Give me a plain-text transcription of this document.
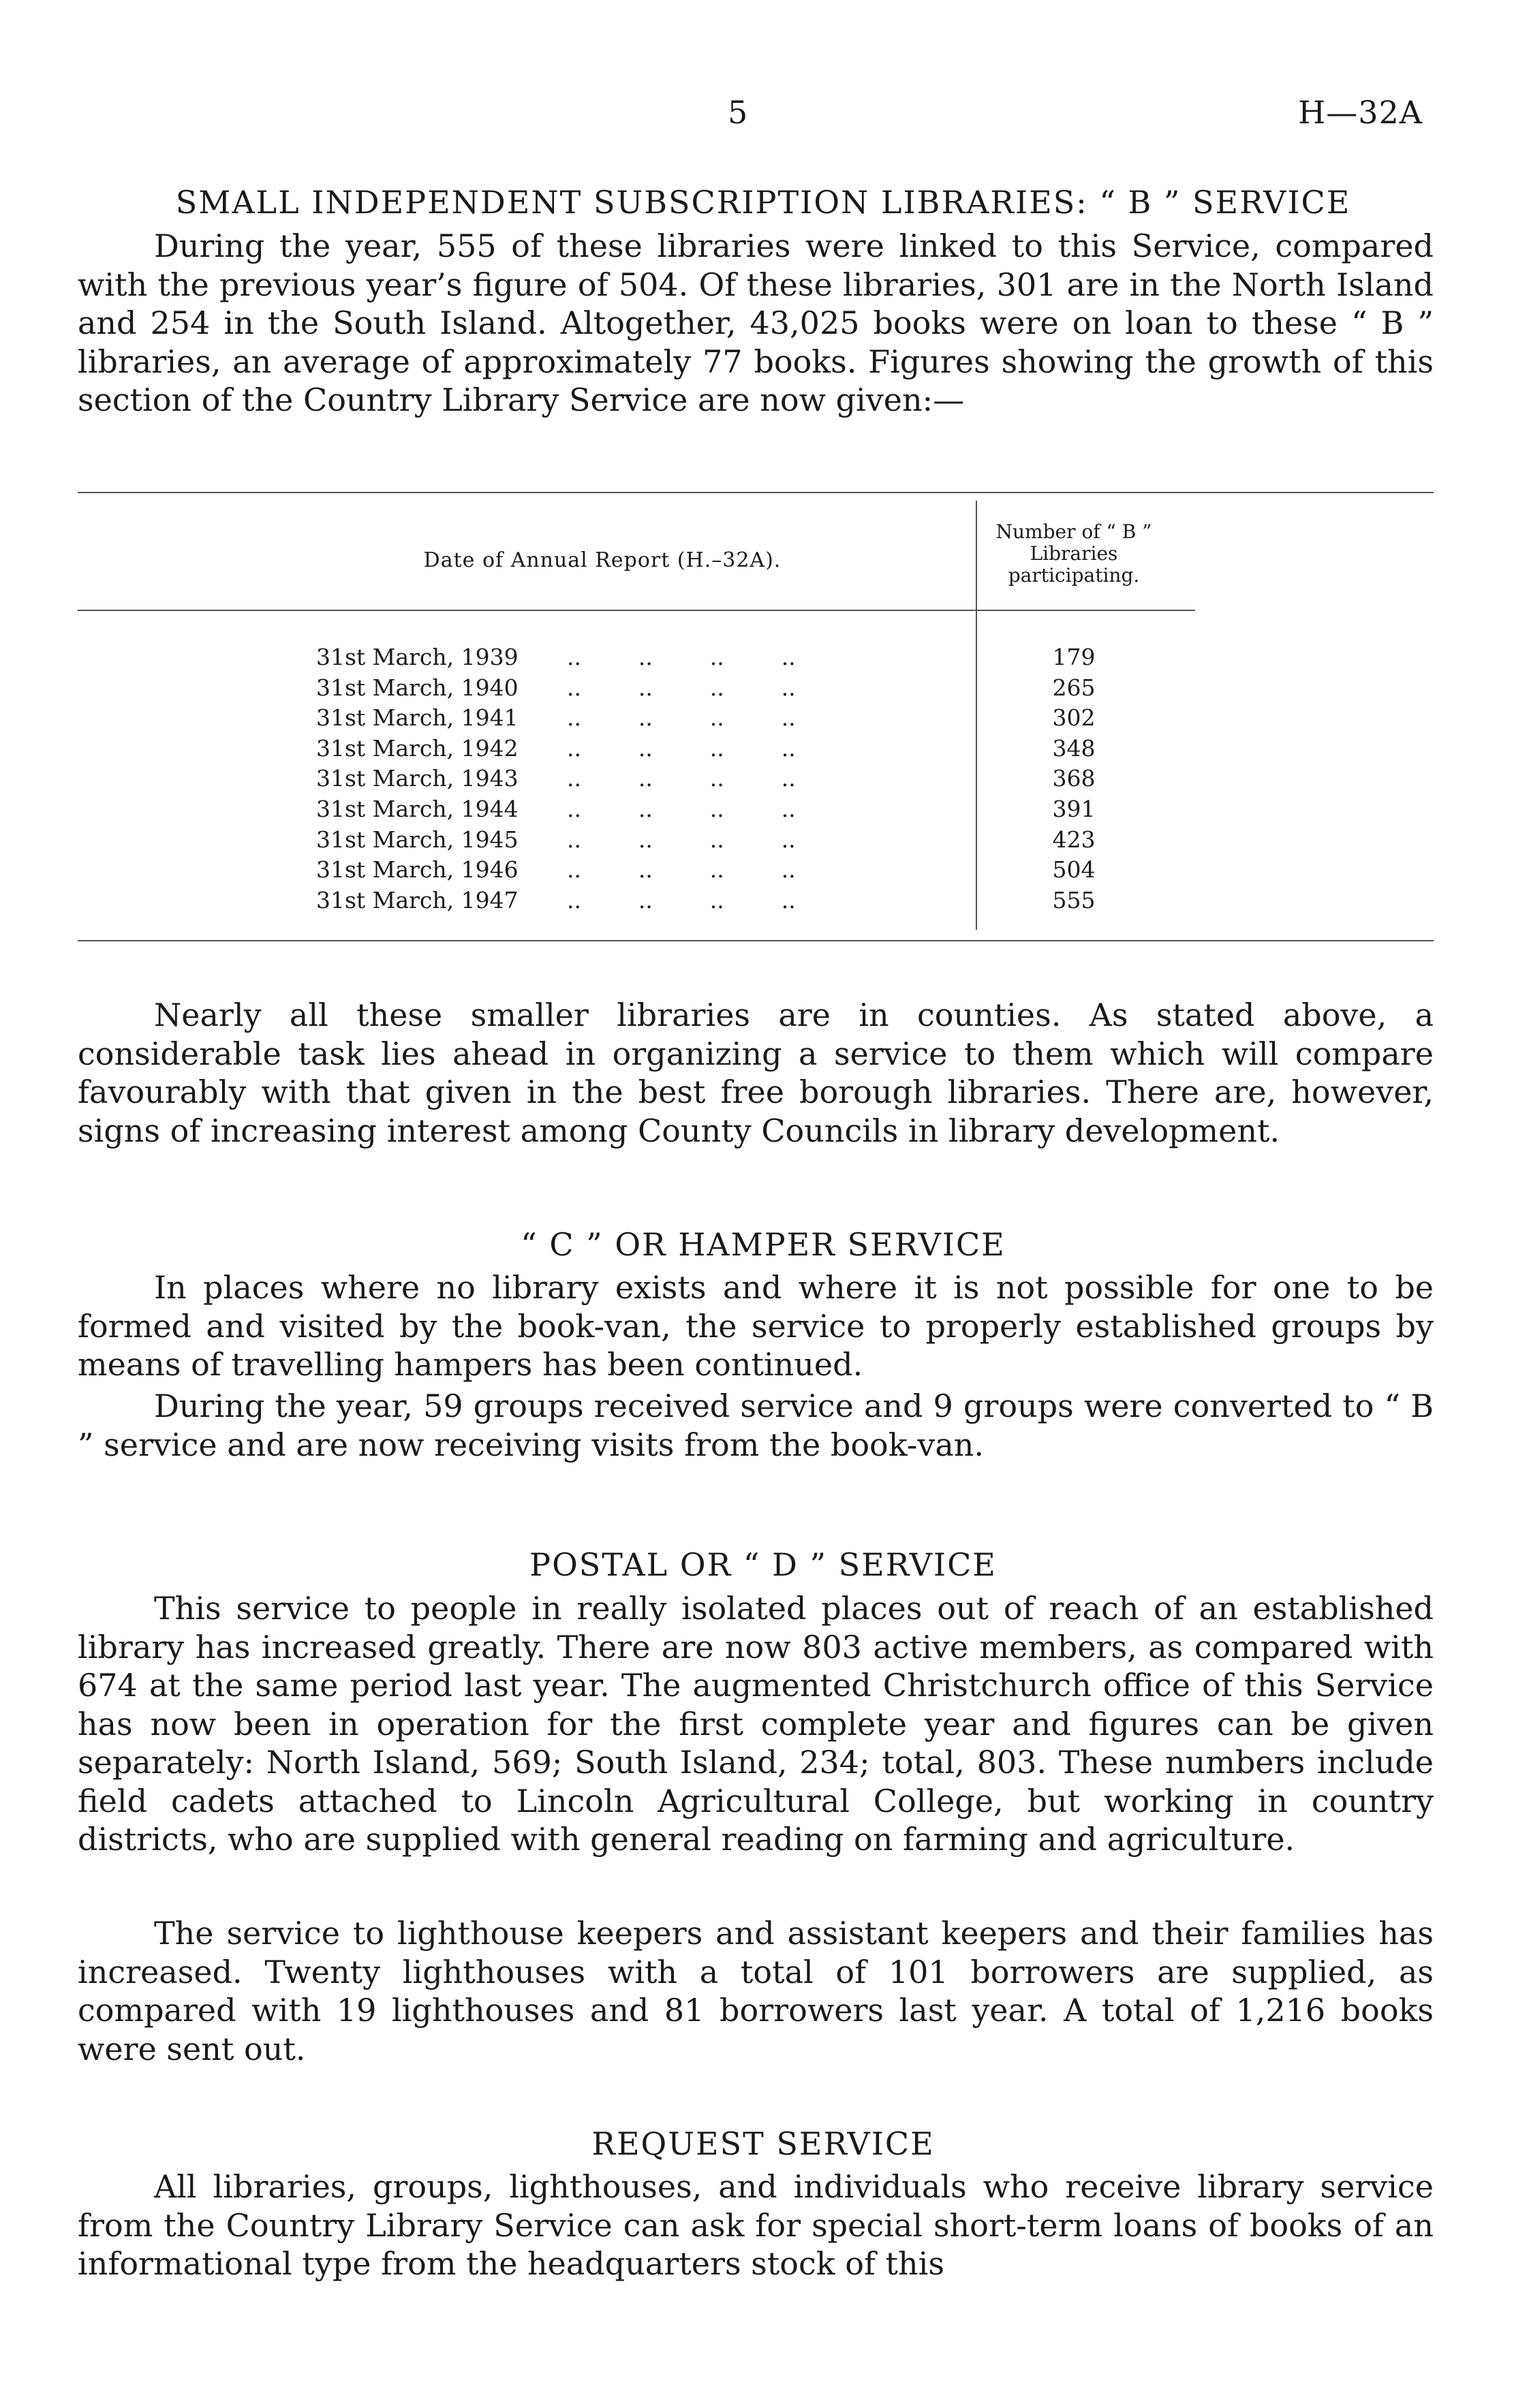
5	H—32A
SMALL INDEPENDENT SUBSCRIPTION LIBRARIES: “ B ” SERVICE

During the year, 555 of these libraries were linked to this Service, compared with the previous year’s figure of 504. Of these libraries, 301 are in the North Island and 254 in the South Island. Altogether, 43,025 books were on loan to these “ B ” libraries, an average of approximately 77 books. Figures showing the growth of this section of the Country Library Service are now given:—

Date of Annual Report (H.–32A).
Number of “ B ” Libraries participating.
31st March, 1939 ..        ..        ..        ..	179
31st March, 1940 ..        ..        ..        ..	265
31st March, 1941 ..        ..        ..        ..	302
31st March, 1942 ..        ..        ..        ..	348
31st March, 1943 ..        ..        ..        ..	368
31st March, 1944 ..        ..        ..        ..	391
31st March, 1945 ..        ..        ..        ..	423
31st March, 1946 ..        ..        ..        ..	504
31st March, 1947 ..        ..        ..        ..	555

Nearly all these smaller libraries are in counties. As stated above, a considerable task lies ahead in organizing a service to them which will compare favourably with that given in the best free borough libraries. There are, however, signs of increasing interest among County Councils in library development.

“ C ” OR HAMPER SERVICE

In places where no library exists and where it is not possible for one to be formed and visited by the book-van, the service to properly established groups by means of travelling hampers has been continued.

During the year, 59 groups received service and 9 groups were converted to “ B ” service and are now receiving visits from the book-van.

POSTAL OR “ D ” SERVICE

This service to people in really isolated places out of reach of an established library has increased greatly. There are now 803 active members, as compared with 674 at the same period last year. The augmented Christchurch office of this Service has now been in operation for the first complete year and figures can be given separately: North Island, 569; South Island, 234; total, 803. These numbers include field cadets attached to Lincoln Agricultural College, but working in country districts, who are supplied with general reading on farming and agriculture.

The service to lighthouse keepers and assistant keepers and their families has increased. Twenty lighthouses with a total of 101 borrowers are supplied, as compared with 19 lighthouses and 81 borrowers last year. A total of 1,216 books were sent out.

REQUEST SERVICE

All libraries, groups, lighthouses, and individuals who receive library service from the Country Library Service can ask for special short-term loans of books of an informational type from the headquarters stock of this
